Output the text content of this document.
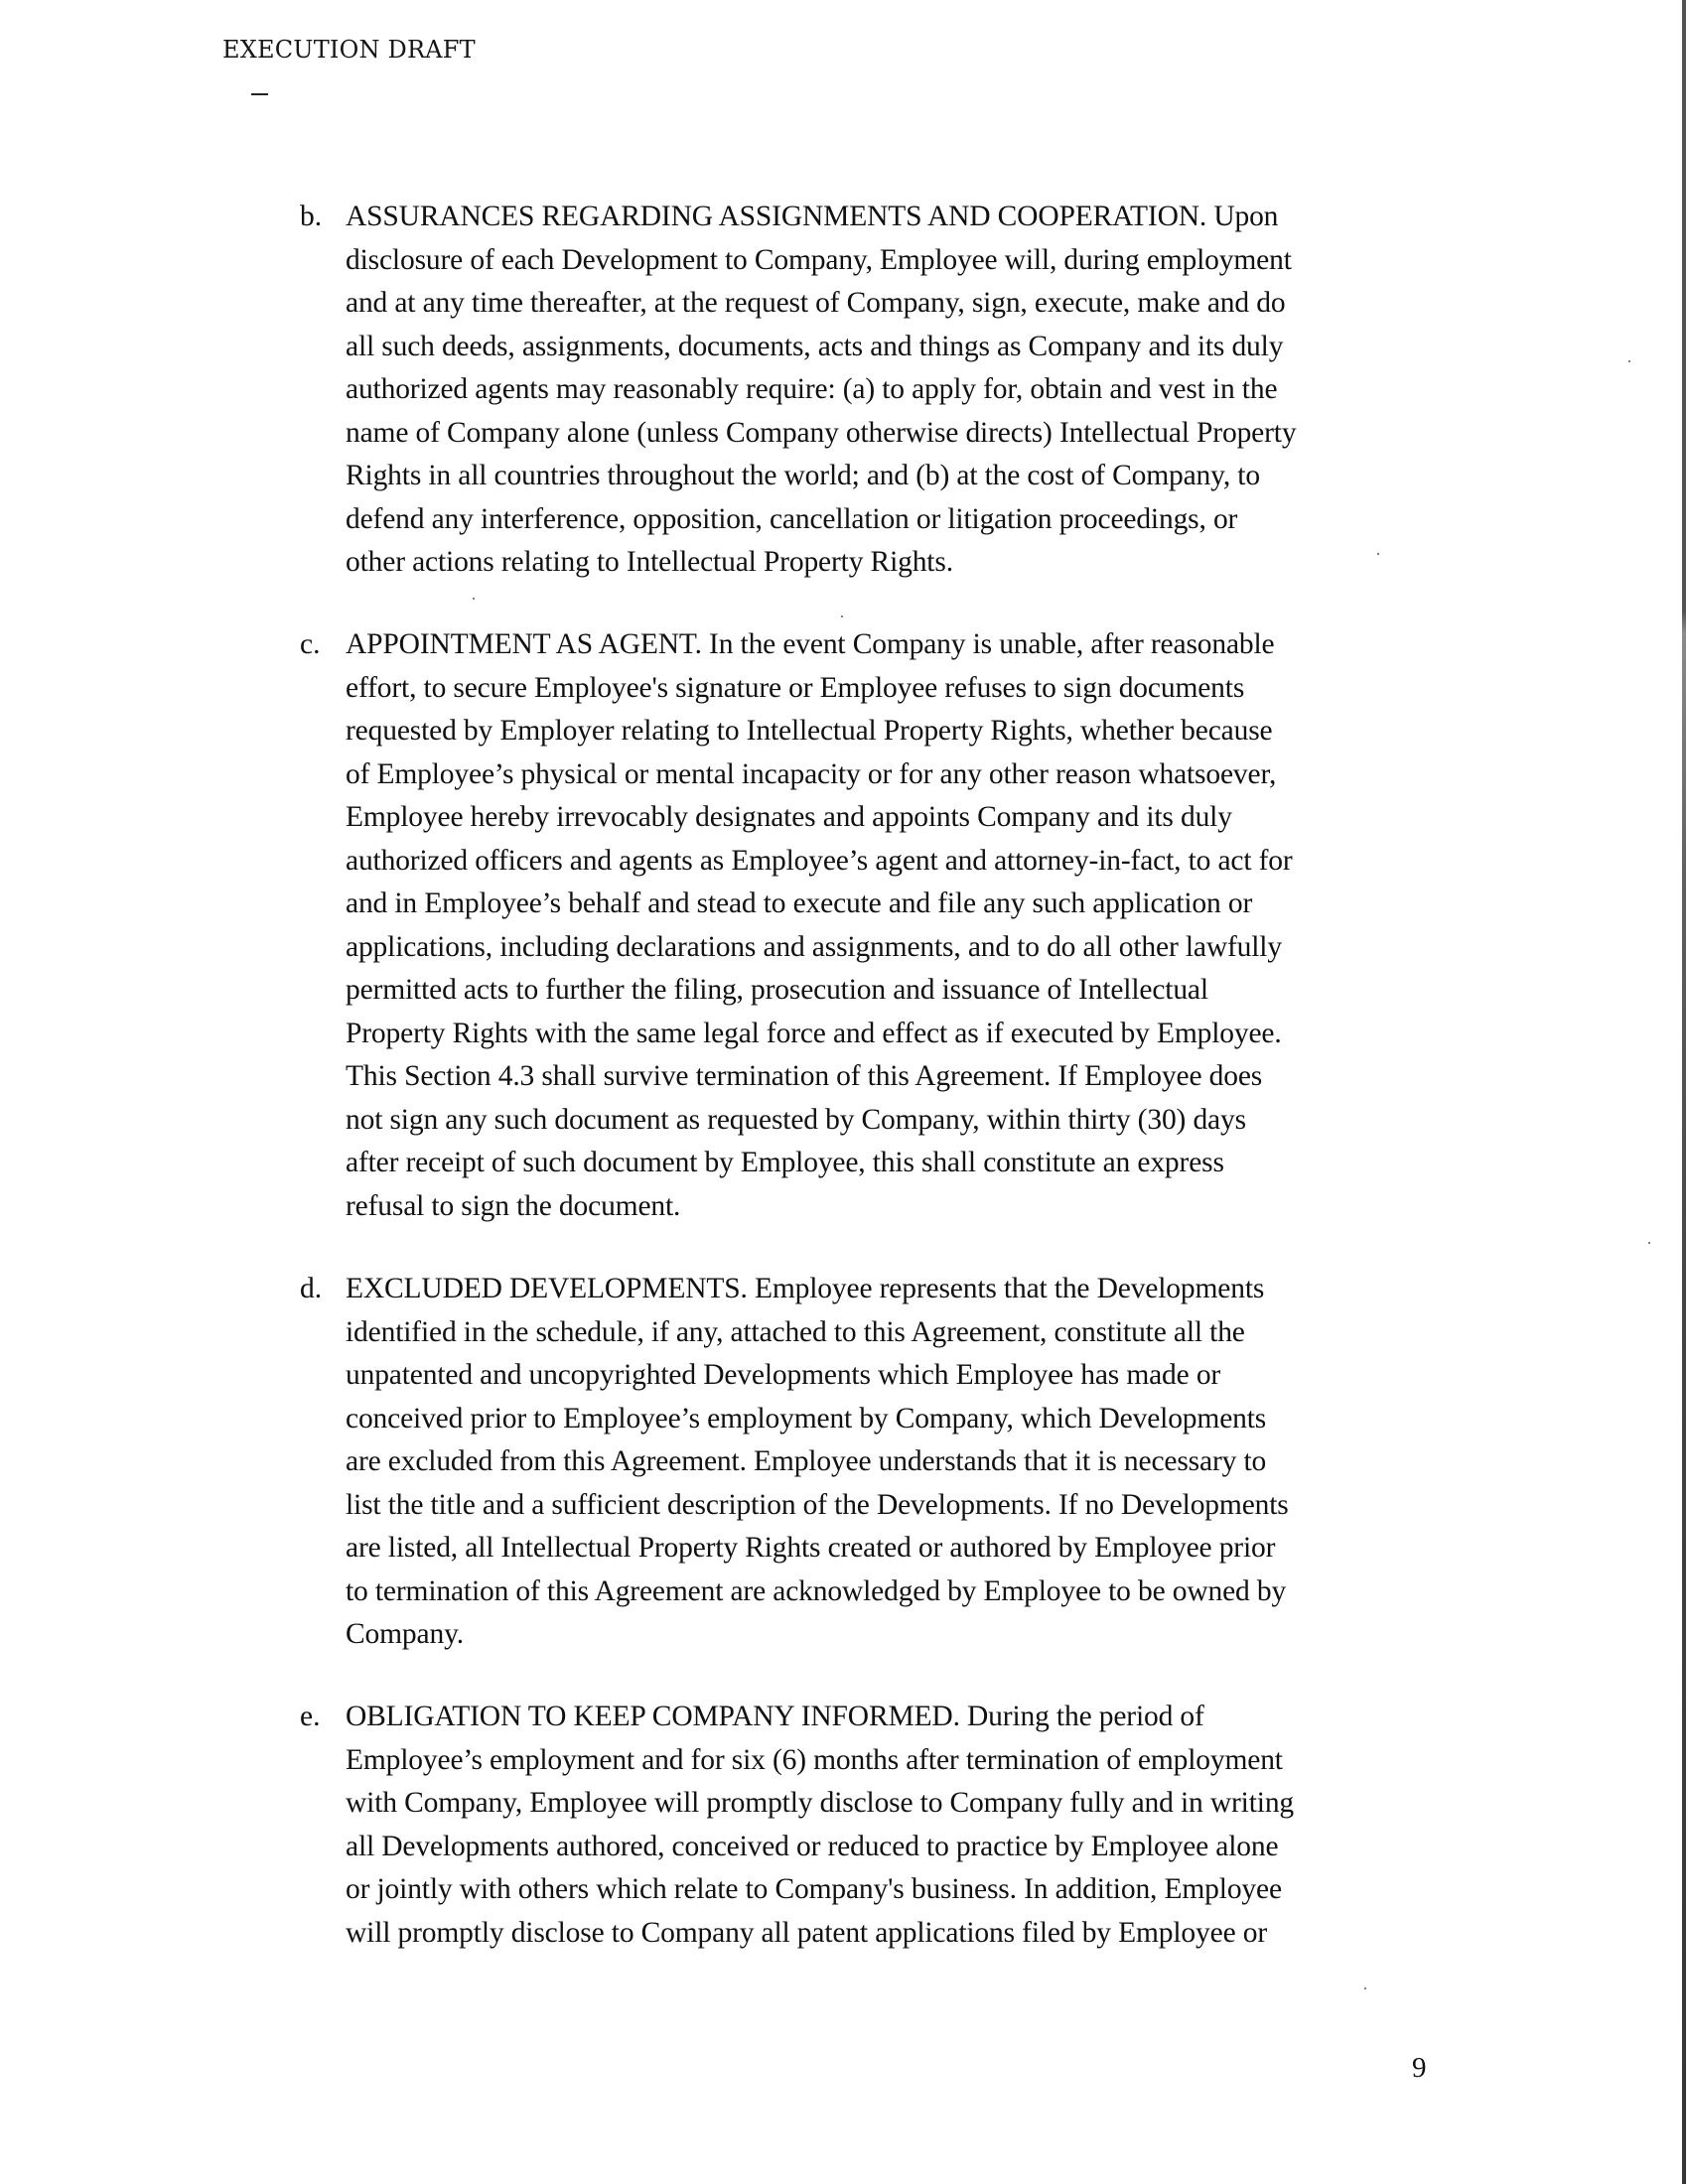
EXECUTION DRAFT
b. ASSURANCES REGARDING ASSIGNMENTS AND COOPERATION. Upon
disclosure of each Development to Company, Employee will, during employment
and at any time thereafter, at the request of Company, sign, execute, make and do
all such deeds, assignments, documents, acts and things as Company and its duly
authorized agents may reasonably require: (a) to apply for, obtain and vest in the
name of Company alone (unless Company otherwise directs) Intellectual Property
Rights in all countries throughout the world; and (b) at the cost of Company, to
defend any interference, opposition, cancellation or litigation proceedings, or
other actions relating to Intellectual Property Rights.
c. APPOINTMENT AS AGENT. In the event Company is unable, after reasonable
effort, to secure Employee's signature or Employee refuses to sign documents
requested by Employer relating to Intellectual Property Rights, whether because
of Employee’s physical or mental incapacity or for any other reason whatsoever,
Employee hereby irrevocably designates and appoints Company and its duly
authorized officers and agents as Employee’s agent and attorney-in-fact, to act for
and in Employee’s behalf and stead to execute and file any such application or
applications, including declarations and assignments, and to do all other lawfully
permitted acts to further the filing, prosecution and issuance of Intellectual
Property Rights with the same legal force and effect as if executed by Employee.
This Section 4.3 shall survive termination of this Agreement. If Employee does
not sign any such document as requested by Company, within thirty (30) days
after receipt of such document by Employee, this shall constitute an express
refusal to sign the document.
d. EXCLUDED DEVELOPMENTS. Employee represents that the Developments
identified in the schedule, if any, attached to this Agreement, constitute all the
unpatented and uncopyrighted Developments which Employee has made or
conceived prior to Employee’s employment by Company, which Developments
are excluded from this Agreement. Employee understands that it is necessary to
list the title and a sufficient description of the Developments. If no Developments
are listed, all Intellectual Property Rights created or authored by Employee prior
to termination of this Agreement are acknowledged by Employee to be owned by
Company.
e. OBLIGATION TO KEEP COMPANY INFORMED. During the period of
Employee’s employment and for six (6) months after termination of employment
with Company, Employee will promptly disclose to Company fully and in writing
all Developments authored, conceived or reduced to practice by Employee alone
or jointly with others which relate to Company's business. In addition, Employee
will promptly disclose to Company all patent applications filed by Employee or
9
